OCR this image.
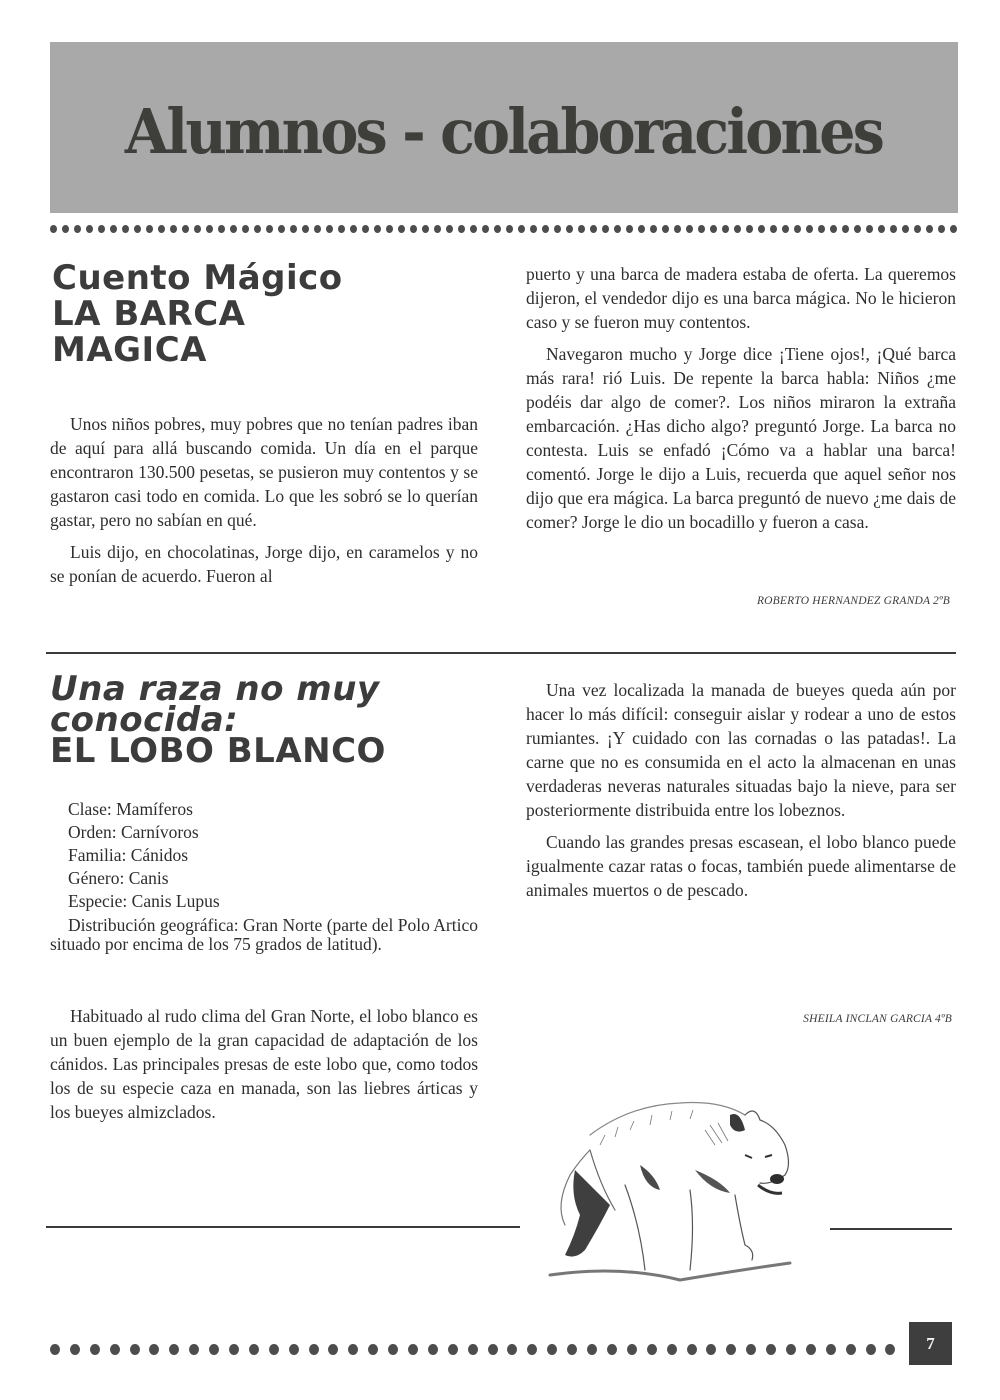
Alumnos - colaboraciones
Cuento Mágico
LA BARCA
MAGICA

Unos niños pobres, muy pobres que no tenían padres iban de aquí para allá buscando comida. Un día en el parque encontraron 130.500 pesetas, se pusieron muy contentos y se gastaron casi todo en comida. Lo que les sobró se lo querían gastar, pero no sabían en qué.

Luis dijo, en chocolatinas, Jorge dijo, en caramelos y no se ponían de acuerdo. Fueron al

puerto y una barca de madera estaba de oferta. La queremos dijeron, el vendedor dijo es una barca mágica. No le hicieron caso y se fueron muy contentos.

Navegaron mucho y Jorge dice ¡Tiene ojos!, ¡Qué barca más rara! rió Luis. De repente la barca habla: Niños ¿me podéis dar algo de comer?. Los niños miraron la extraña embarcación. ¿Has dicho algo? preguntó Jorge. La barca no contesta. Luis se enfadó ¡Cómo va a hablar una barca! comentó. Jorge le dijo a Luis, recuerda que aquel señor nos dijo que era mágica. La barca preguntó de nuevo ¿me dais de comer? Jorge le dio un bocadillo y fueron a casa.

ROBERTO HERNANDEZ GRANDA 2ºB
Una raza no muy
conocida:
EL LOBO BLANCO
Clase: Mamíferos
Orden: Carnívoros
Familia: Cánidos
Género: Canis
Especie: Canis Lupus
Distribución geográfica: Gran Norte (parte del Polo Artico situado por encima de los 75 grados de latitud).

Habituado al rudo clima del Gran Norte, el lobo blanco es un buen ejemplo de la gran capacidad de adaptación de los cánidos. Las principales presas de este lobo que, como todos los de su especie caza en manada, son las liebres árticas y los bueyes almizclados.

Una vez localizada la manada de bueyes queda aún por hacer lo más difícil: conseguir aislar y rodear a uno de estos rumiantes. ¡Y cuidado con las cornadas o las patadas!. La carne que no es consumida en el acto la almacenan en unas verdaderas neveras naturales situadas bajo la nieve, para ser posteriormente distribuida entre los lobeznos.

Cuando las grandes presas escasean, el lobo blanco puede igualmente cazar ratas o focas, también puede alimentarse de animales muertos o de pescado.

SHEILA INCLAN GARCIA 4ºB
7
